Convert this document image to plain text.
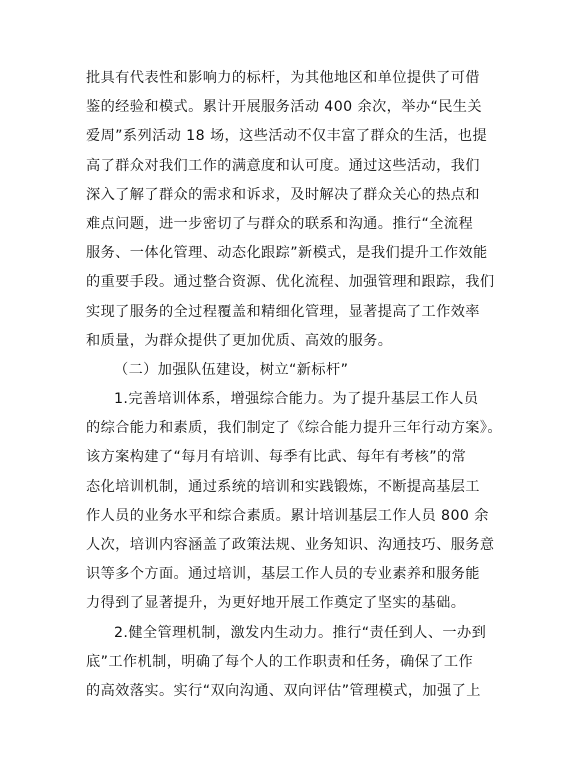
批具有代表性和影响力的标杆，为其他地区和单位提供了可借
鉴的经验和模式。累计开展服务活动 400 余次，举办“民生关
爱周”系列活动 18 场，这些活动不仅丰富了群众的生活，也提
高了群众对我们工作的满意度和认可度。通过这些活动，我们
深入了解了群众的需求和诉求，及时解决了群众关心的热点和
难点问题，进一步密切了与群众的联系和沟通。推行“全流程
服务、一体化管理、动态化跟踪”新模式，是我们提升工作效能
的重要手段。通过整合资源、优化流程、加强管理和跟踪，我们
实现了服务的全过程覆盖和精细化管理，显著提高了工作效率
和质量，为群众提供了更加优质、高效的服务。
（二）加强队伍建设，树立“新标杆”
1.完善培训体系，增强综合能力。为了提升基层工作人员
的综合能力和素质，我们制定了《综合能力提升三年行动方案》。
该方案构建了“每月有培训、每季有比武、每年有考核”的常
态化培训机制，通过系统的培训和实践锻炼，不断提高基层工
作人员的业务水平和综合素质。累计培训基层工作人员 800 余
人次，培训内容涵盖了政策法规、业务知识、沟通技巧、服务意
识等多个方面。通过培训，基层工作人员的专业素养和服务能
力得到了显著提升，为更好地开展工作奠定了坚实的基础。
2.健全管理机制，激发内生动力。推行“责任到人、一办到
底”工作机制，明确了每个人的工作职责和任务，确保了工作
的高效落实。实行“双向沟通、双向评估”管理模式，加强了上
